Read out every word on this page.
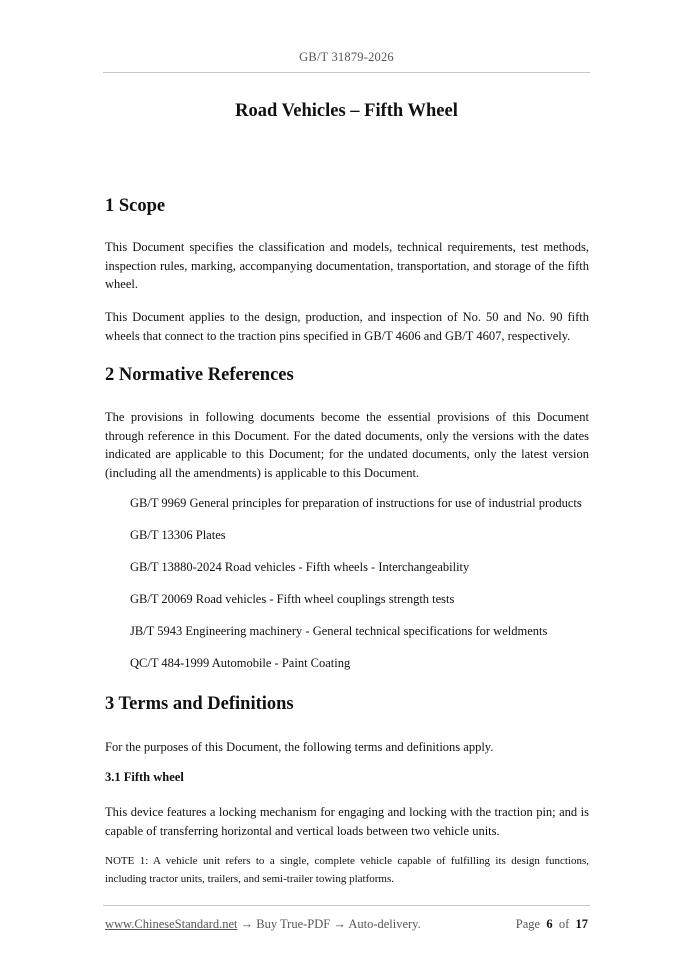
GB/T 31879-2026
Road Vehicles – Fifth Wheel
1 Scope

This Document specifies the classification and models, technical requirements, test methods, inspection rules, marking, accompanying documentation, transportation, and storage of the fifth wheel.

This Document applies to the design, production, and inspection of No. 50 and No. 90 fifth wheels that connect to the traction pins specified in GB/T 4606 and GB/T 4607, respectively.

2 Normative References

The provisions in following documents become the essential provisions of this Document through reference in this Document. For the dated documents, only the versions with the dates indicated are applicable to this Document; for the undated documents, only the latest version (including all the amendments) is applicable to this Document.

GB/T 9969 General principles for preparation of instructions for use of industrial products

GB/T 13306 Plates

GB/T 13880-2024 Road vehicles - Fifth wheels - Interchangeability

GB/T 20069 Road vehicles - Fifth wheel couplings strength tests

JB/T 5943 Engineering machinery - General technical specifications for weldments

QC/T 484-1999 Automobile - Paint Coating

3 Terms and Definitions

For the purposes of this Document, the following terms and definitions apply.

3.1 Fifth wheel

This device features a locking mechanism for engaging and locking with the traction pin; and is capable of transferring horizontal and vertical loads between two vehicle units.

NOTE 1: A vehicle unit refers to a single, complete vehicle capable of fulfilling its design functions, including tractor units, trailers, and semi-trailer towing platforms.

www.ChineseStandard.net → Buy True-PDF → Auto-delivery.	Page 6 of 17
